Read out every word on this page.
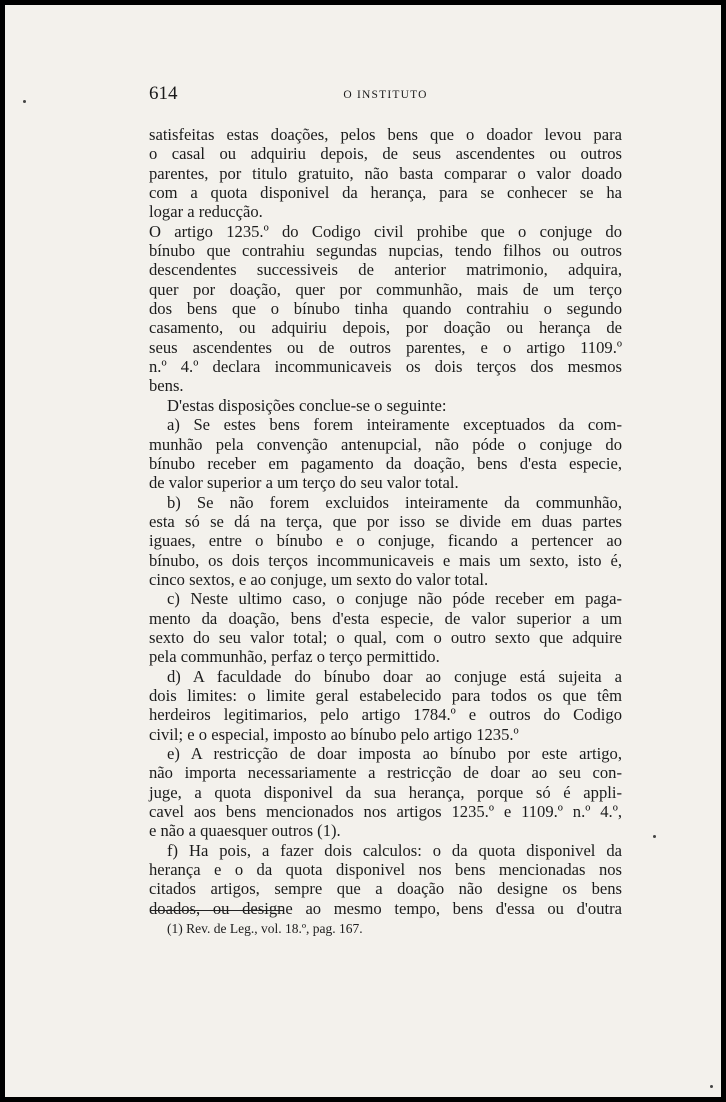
614	O INSTITUTO
satisfeitas estas doações, pelos bens que o doador levou para
o casal ou adquiriu depois, de seus ascendentes ou outros
parentes, por titulo gratuito, não basta comparar o valor doado
com a quota disponivel da herança, para se conhecer se ha
logar a reducção.
O artigo 1235.º do Codigo civil prohibe que o conjuge do
bínubo que contrahiu segundas nupcias, tendo filhos ou outros
descendentes successiveis de anterior matrimonio, adquira,
quer por doação, quer por communhão, mais de um terço
dos bens que o bínubo tinha quando contrahiu o segundo
casamento, ou adquiriu depois, por doação ou herança de
seus ascendentes ou de outros parentes, e o artigo 1109.º
n.º 4.º declara incommunicaveis os dois terços dos mesmos
bens.
D'estas disposições conclue-se o seguinte:
a) Se estes bens forem inteiramente exceptuados da com-
munhão pela convenção antenupcial, não póde o conjuge do
bínubo receber em pagamento da doação, bens d'esta especie,
de valor superior a um terço do seu valor total.
b) Se não forem excluidos inteiramente da communhão,
esta só se dá na terça, que por isso se divide em duas partes
iguaes, entre o bínubo e o conjuge, ficando a pertencer ao
bínubo, os dois terços incommunicaveis e mais um sexto, isto é,
cinco sextos, e ao conjuge, um sexto do valor total.
c) Neste ultimo caso, o conjuge não póde receber em paga-
mento da doação, bens d'esta especie, de valor superior a um
sexto do seu valor total; o qual, com o outro sexto que adquire
pela communhão, perfaz o terço permittido.
d) A faculdade do bínubo doar ao conjuge está sujeita a
dois limites: o limite geral estabelecido para todos os que têm
herdeiros legitimarios, pelo artigo 1784.º e outros do Codigo
civil; e o especial, imposto ao bínubo pelo artigo 1235.º
e) A restricção de doar imposta ao bínubo por este artigo,
não importa necessariamente a restricção de doar ao seu con-
juge, a quota disponivel da sua herança, porque só é appli-
cavel aos bens mencionados nos artigos 1235.º e 1109.º n.º 4.º,
e não a quaesquer outros (1).
f) Ha pois, a fazer dois calculos: o da quota disponivel da
herança e o da quota disponivel nos bens mencionadas nos
citados artigos, sempre que a doação não designe os bens
doados, ou designe ao mesmo tempo, bens d'essa ou d'outra
(1) Rev. de Leg., vol. 18.º, pag. 167.
